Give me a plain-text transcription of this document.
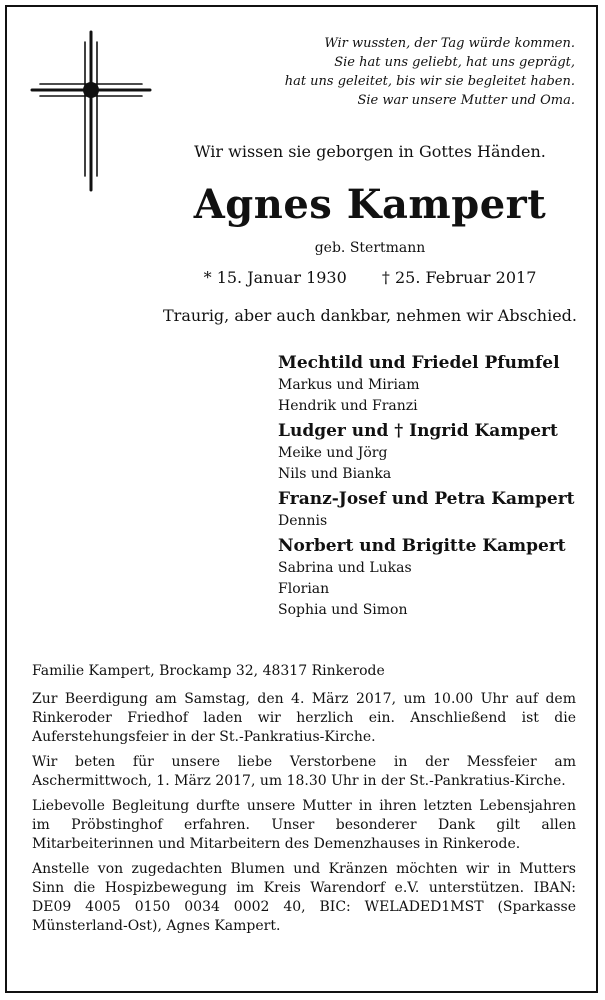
Wir wussten, der Tag würde kommen.
Sie hat uns geliebt, hat uns geprägt,
hat uns geleitet, bis wir sie begleitet haben.
Sie war unsere Mutter und Oma.
Wir wissen sie geborgen in Gottes Händen.
Agnes Kampert
geb. Stertmann
* 15. Januar 1930 † 25. Februar 2017
Traurig, aber auch dankbar, nehmen wir Abschied.
Mechtild und Friedel Pfumfel
Markus und Miriam
Hendrik und Franzi
Ludger und † Ingrid Kampert
Meike und Jörg
Nils und Bianka
Franz-Josef und Petra Kampert
Dennis
Norbert und Brigitte Kampert
Sabrina und Lukas
Florian
Sophia und Simon

Familie Kampert, Brockamp 32, 48317 Rinkerode

Zur Beerdigung am Samstag, den 4. März 2017, um 10.00 Uhr auf dem Rinkeroder Friedhof laden wir herzlich ein. Anschließend ist die Auferstehungsfeier in der St.-Pankratius-Kirche.

Wir beten für unsere liebe Verstorbene in der Messfeier am Aschermittwoch, 1. März 2017, um 18.30 Uhr in der St.-Pankratius-Kirche.

Liebevolle Begleitung durfte unsere Mutter in ihren letzten Lebensjahren im Pröbstinghof erfahren. Unser besonderer Dank gilt allen Mitarbeiterinnen und Mitarbeitern des Demenzhauses in Rinkerode.

Anstelle von zugedachten Blumen und Kränzen möchten wir in Mutters Sinn die Hospizbewegung im Kreis Warendorf e.V. unterstützen. IBAN: DE09 4005 0150 0034 0002 40, BIC: WELADED1MST (Sparkasse Münsterland-Ost), Agnes Kampert.
